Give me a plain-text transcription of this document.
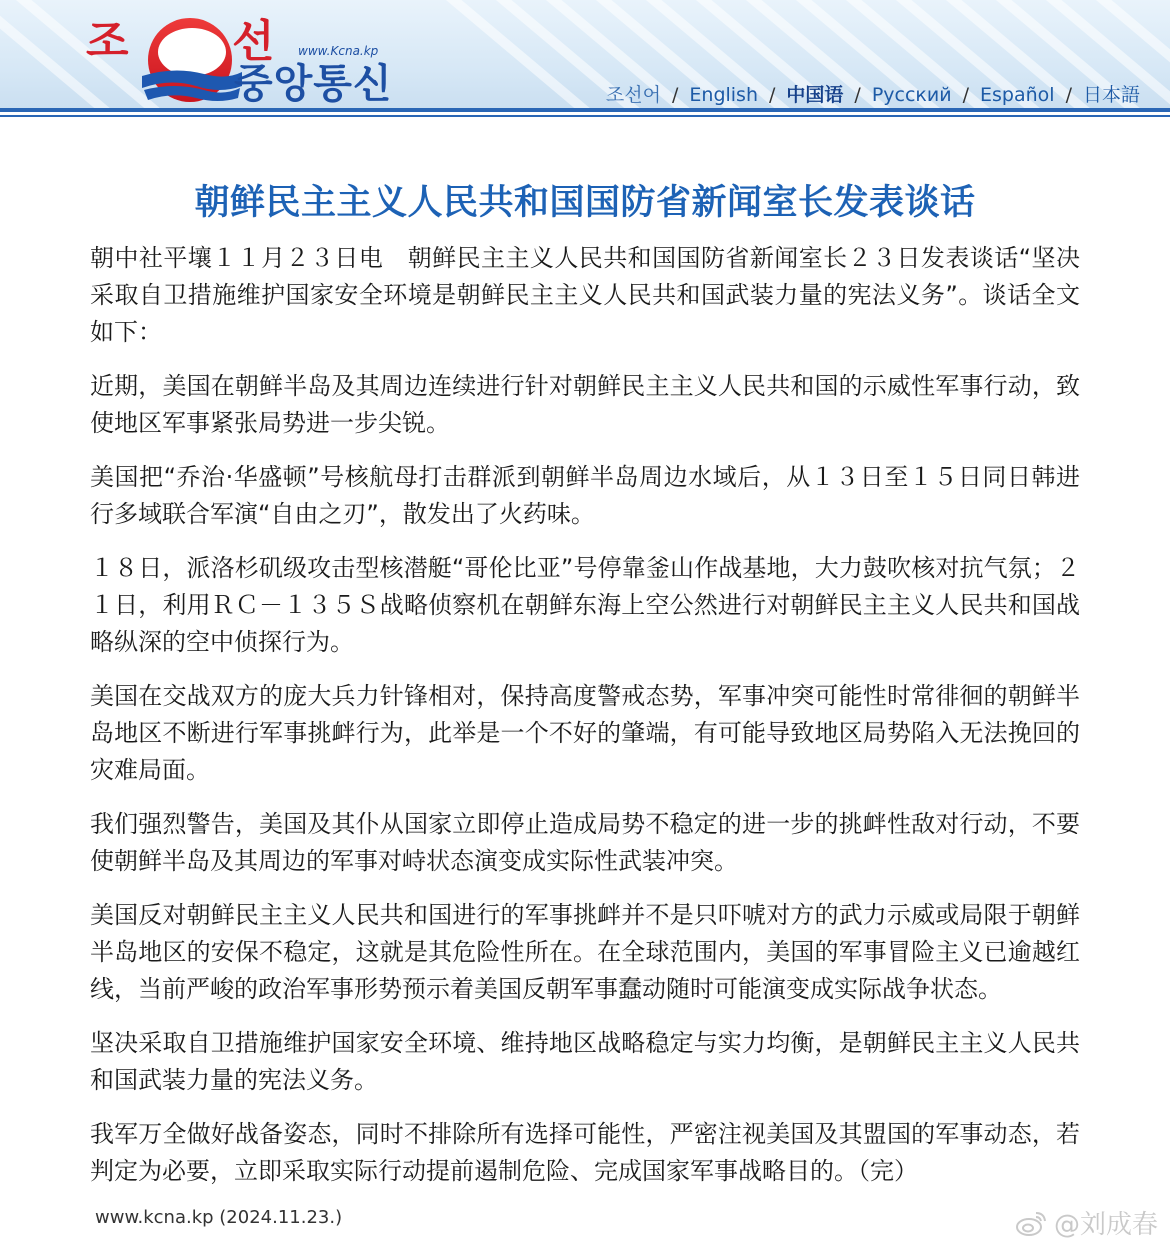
조 선 www.Kcna.kp
중앙통신	조선어 / English / 中国语 / Русский / Español / 日本語
朝鲜民主主义人民共和国国防省新闻室长发表谈话

朝中社平壤１１月２３日电　朝鲜民主主义人民共和国国防省新闻室长２３日发表谈话“坚决采取自卫措施维护国家安全环境是朝鲜民主主义人民共和国武装力量的宪法义务”。谈话全文如下：

近期，美国在朝鲜半岛及其周边连续进行针对朝鲜民主主义人民共和国的示威性军事行动，致使地区军事紧张局势进一步尖锐。

美国把“乔治·华盛顿”号核航母打击群派到朝鲜半岛周边水域后，从１３日至１５日同日韩进行多域联合军演“自由之刃”，散发出了火药味。

１８日，派洛杉矶级攻击型核潜艇“哥伦比亚”号停靠釜山作战基地，大力鼓吹核对抗气氛；２１日，利用ＲＣ－１３５Ｓ战略侦察机在朝鲜东海上空公然进行对朝鲜民主主义人民共和国战略纵深的空中侦探行为。

美国在交战双方的庞大兵力针锋相对，保持高度警戒态势，军事冲突可能性时常徘徊的朝鲜半岛地区不断进行军事挑衅行为，此举是一个不好的肇端，有可能导致地区局势陷入无法挽回的灾难局面。

我们强烈警告，美国及其仆从国家立即停止造成局势不稳定的进一步的挑衅性敌对行动，不要使朝鲜半岛及其周边的军事对峙状态演变成实际性武装冲突。

美国反对朝鲜民主主义人民共和国进行的军事挑衅并不是只吓唬对方的武力示威或局限于朝鲜半岛地区的安保不稳定，这就是其危险性所在。在全球范围内，美国的军事冒险主义已逾越红线，当前严峻的政治军事形势预示着美国反朝军事蠢动随时可能演变成实际战争状态。

坚决采取自卫措施维护国家安全环境、维持地区战略稳定与实力均衡，是朝鲜民主主义人民共和国武装力量的宪法义务。

我军万全做好战备姿态，同时不排除所有选择可能性，严密注视美国及其盟国的军事动态，若判定为必要，立即采取实际行动提前遏制危险、完成国家军事战略目的。（完）

www.kcna.kp (2024.11.23.)	@刘成春
